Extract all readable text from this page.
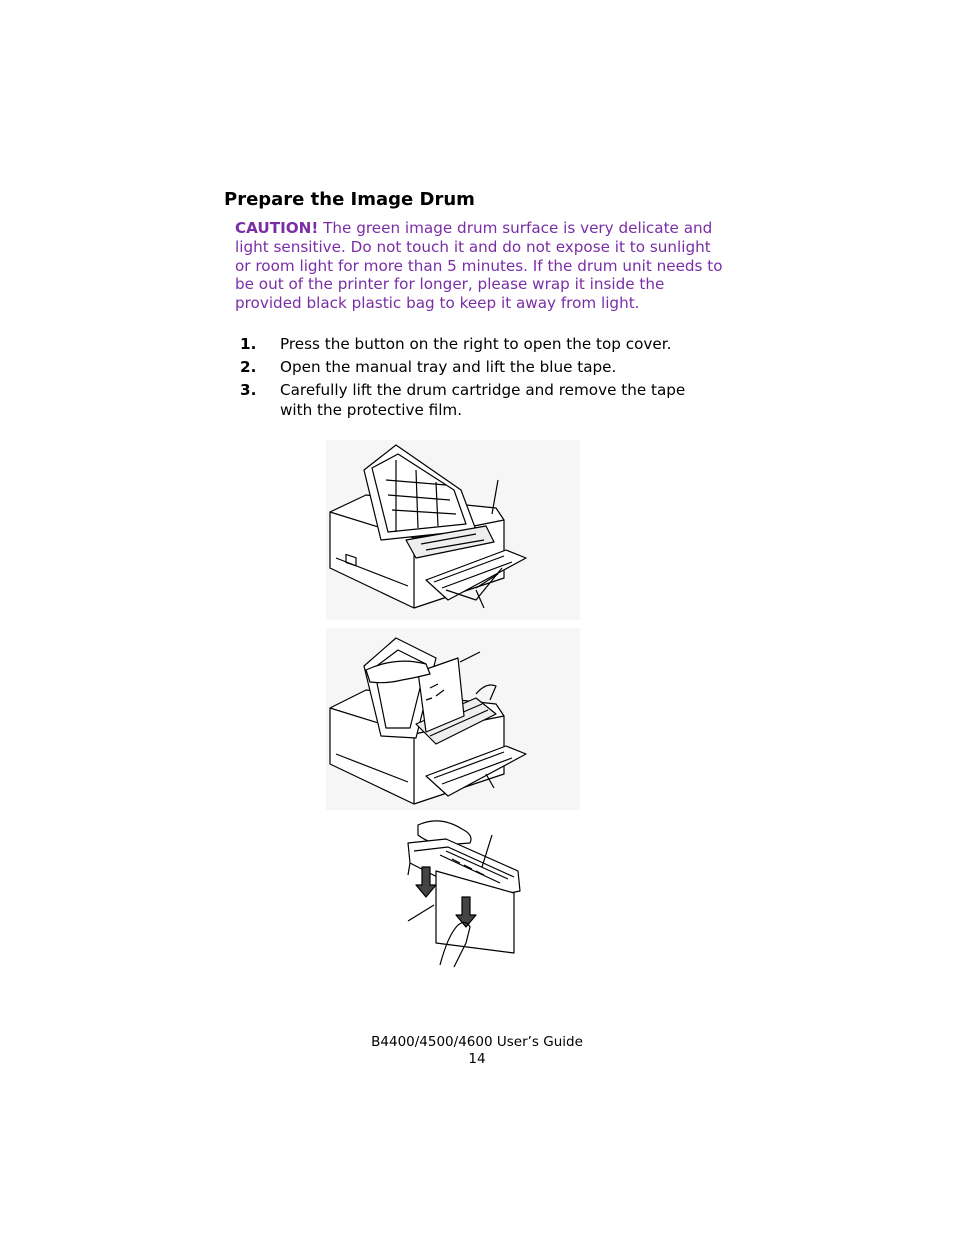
Prepare the Image Drum
CAUTION! The green image drum surface is very delicate and light sensitive. Do not touch it and do not expose it to sunlight or room light for more than 5 minutes. If the drum unit needs to be out of the printer for longer, please wrap it inside the provided black plastic bag to keep it away from light.
1. Press the button on the right to open the top cover.
2. Open the manual tray and lift the blue tape.
3. Carefully lift the drum cartridge and remove the tape with the protective film.
B4400/4500/4600 User’s Guide
14
